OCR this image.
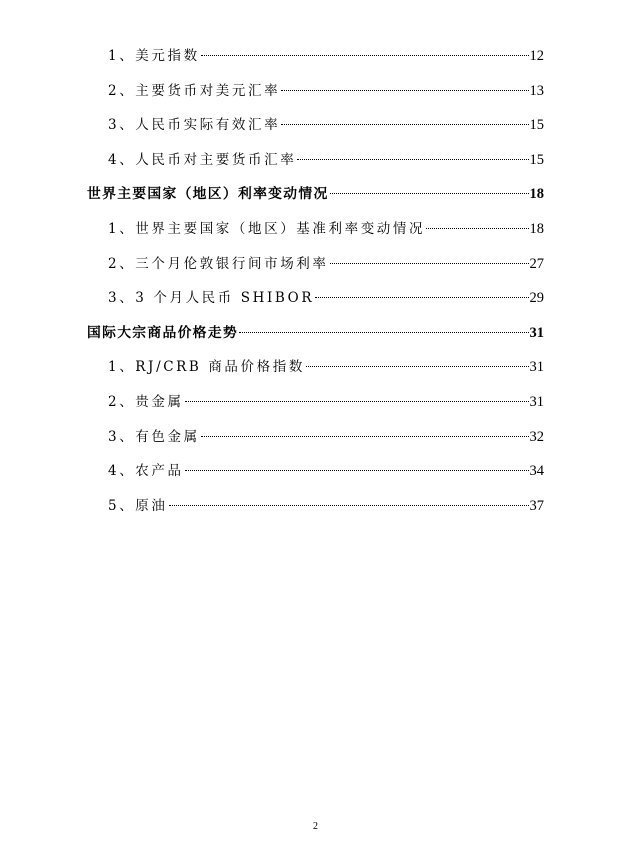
1、美元指数	12
2、主要货币对美元汇率	13
3、人民币实际有效汇率	15
4、人民币对主要货币汇率	15
世界主要国家（地区）利率变动情况	18
1、世界主要国家（地区）基准利率变动情况	18
2、三个月伦敦银行间市场利率	27
3、3 个月人民币 SHIBOR	29
国际大宗商品价格走势	31
1、RJ/CRB 商品价格指数	31
2、贵金属	31
3、有色金属	32
4、农产品	34
5、原油	37
2
